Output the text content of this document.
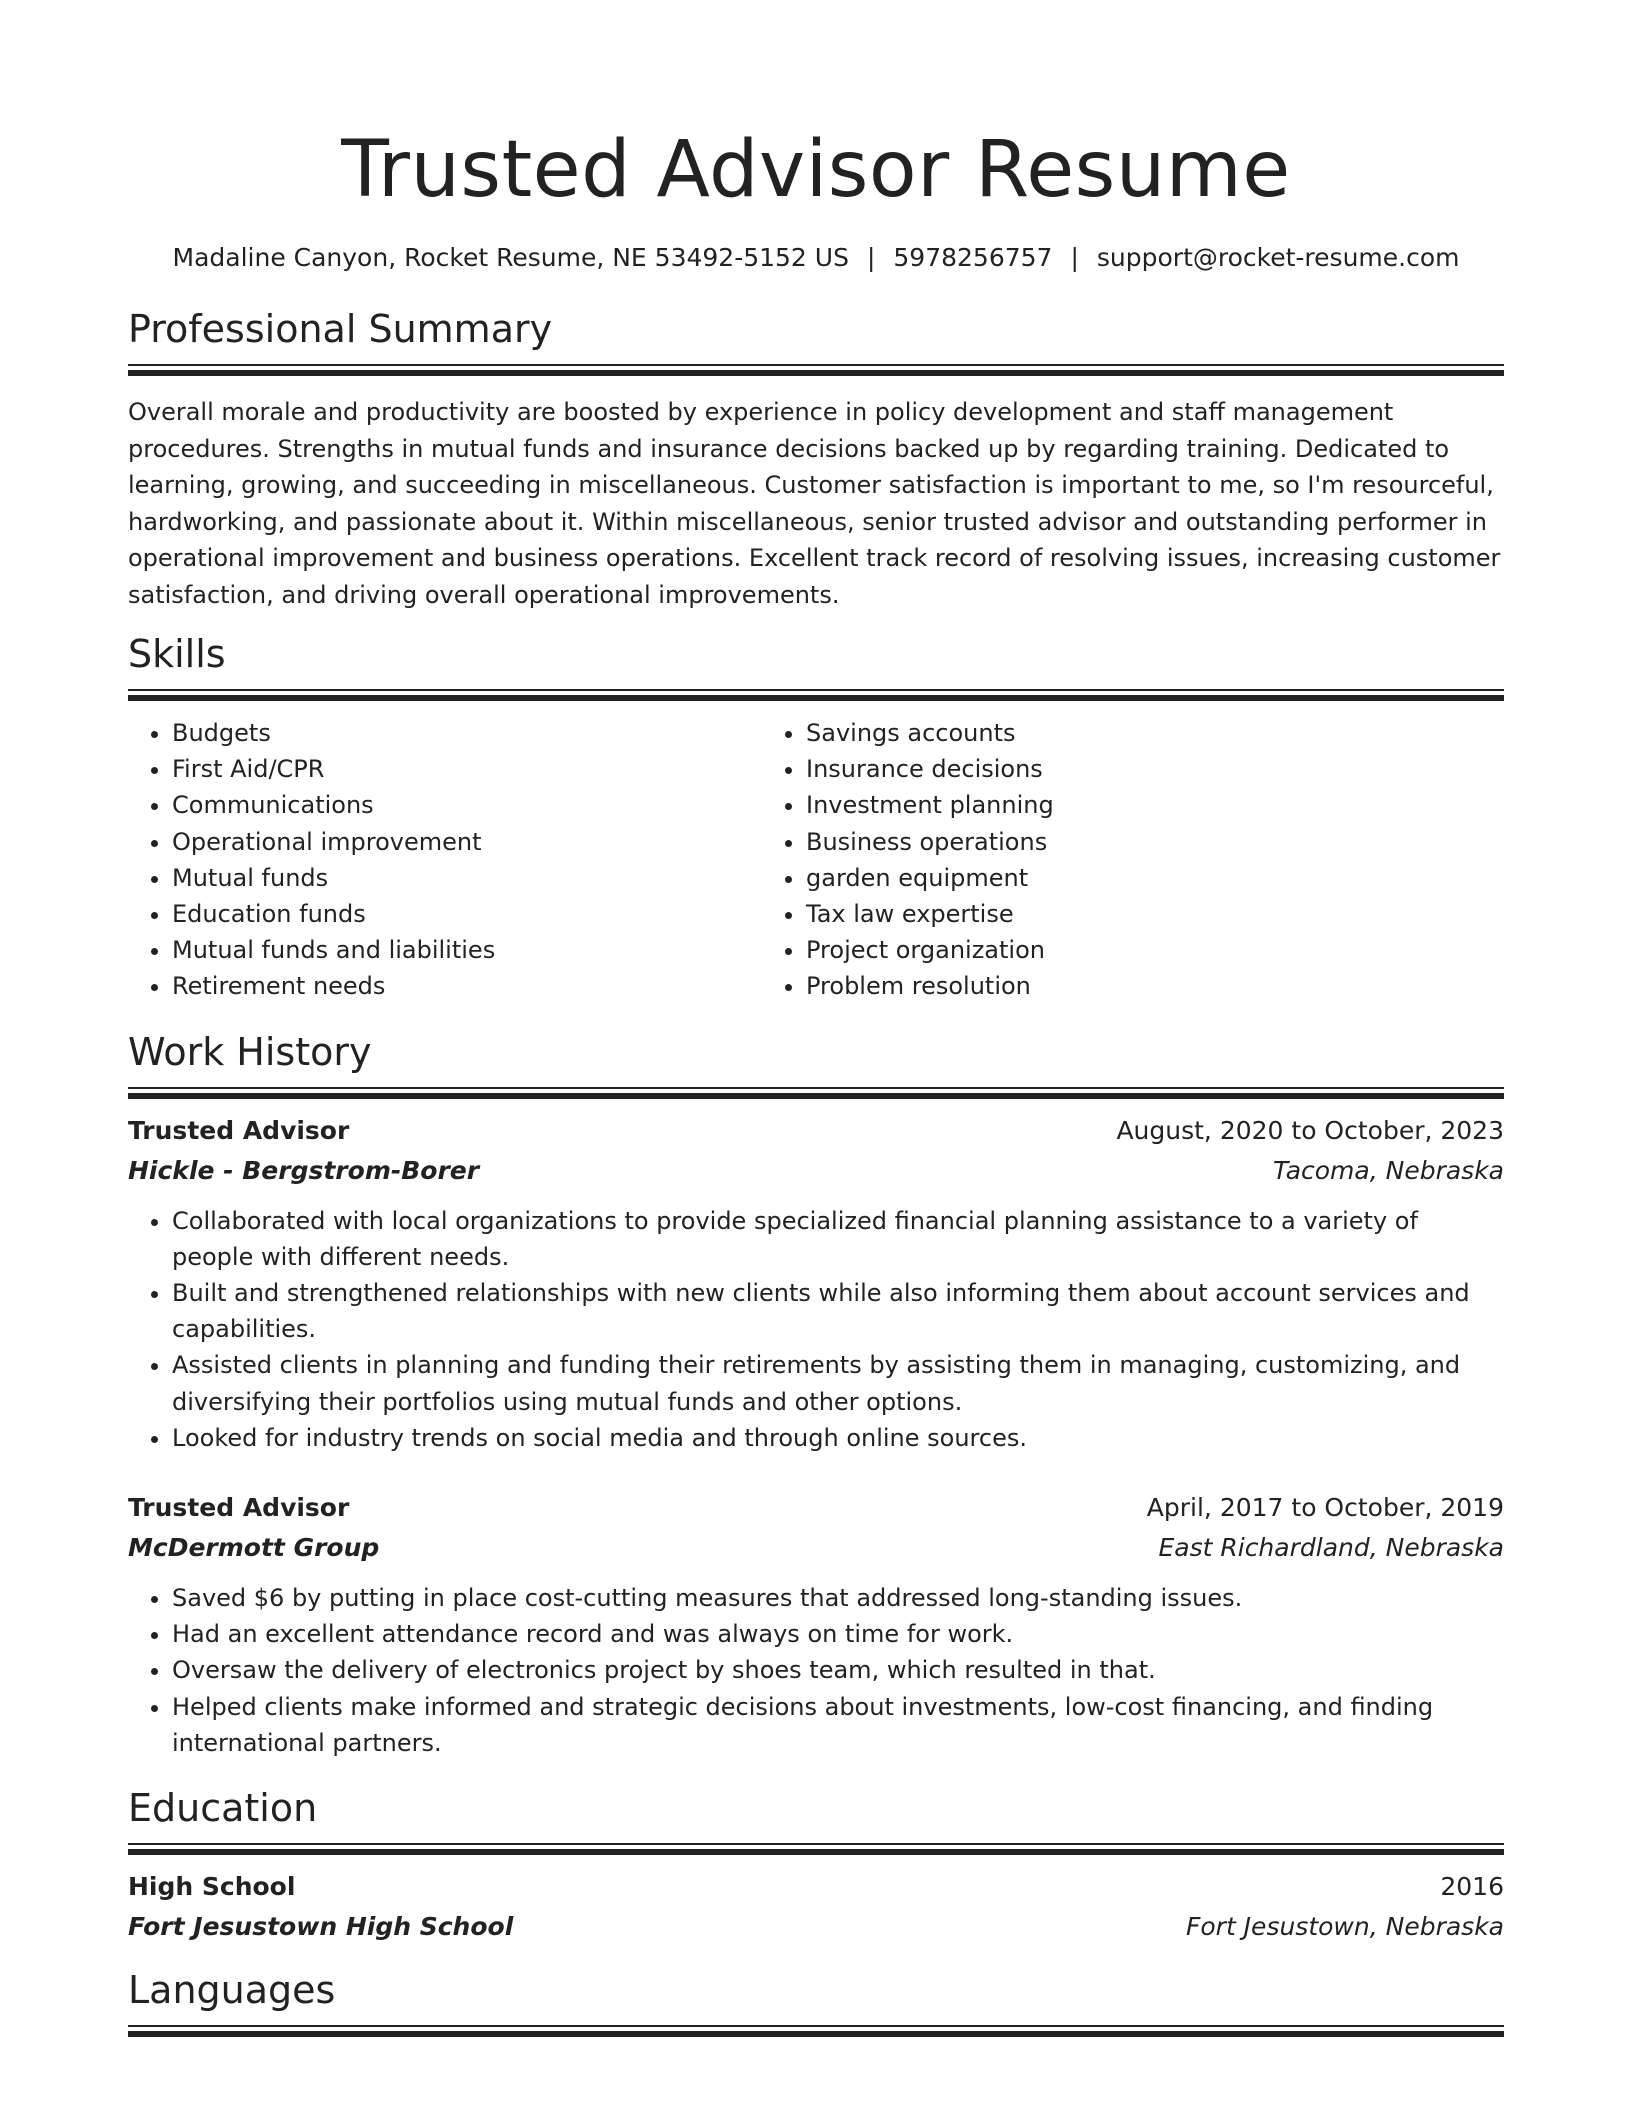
Trusted Advisor Resume
Madaline Canyon, Rocket Resume, NE 53492-5152 US | 5978256757 | support@rocket-resume.com
Professional Summary

Overall morale and productivity are boosted by experience in policy development and staff management procedures. Strengths in mutual funds and insurance decisions backed up by regarding training. Dedicated to learning, growing, and succeeding in miscellaneous. Customer satisfaction is important to me, so I'm resourceful, hardworking, and passionate about it. Within miscellaneous, senior trusted advisor and outstanding performer in operational improvement and business operations. Excellent track record of resolving issues, increasing customer satisfaction, and driving overall operational improvements.

Skills
• Budgets
• First Aid/CPR
• Communications
• Operational improvement
• Mutual funds
• Education funds
• Mutual funds and liabilities
• Retirement needs
• Savings accounts
• Insurance decisions
• Investment planning
• Business operations
• garden equipment
• Tax law expertise
• Project organization
• Problem resolution
Work History
Trusted Advisor	August, 2020 to October, 2023
Hickle - Bergstrom-Borer	Tacoma, Nebraska
• Collaborated with local organizations to provide specialized financial planning assistance to a variety of people with different needs.
• Built and strengthened relationships with new clients while also informing them about account services and capabilities.
• Assisted clients in planning and funding their retirements by assisting them in managing, customizing, and diversifying their portfolios using mutual funds and other options.
• Looked for industry trends on social media and through online sources.
Trusted Advisor	April, 2017 to October, 2019
McDermott Group	East Richardland, Nebraska
• Saved $6 by putting in place cost-cutting measures that addressed long-standing issues.
• Had an excellent attendance record and was always on time for work.
• Oversaw the delivery of electronics project by shoes team, which resulted in that.
• Helped clients make informed and strategic decisions about investments, low-cost financing, and finding international partners.
Education
High School	2016
Fort Jesustown High School	Fort Jesustown, Nebraska
Languages
